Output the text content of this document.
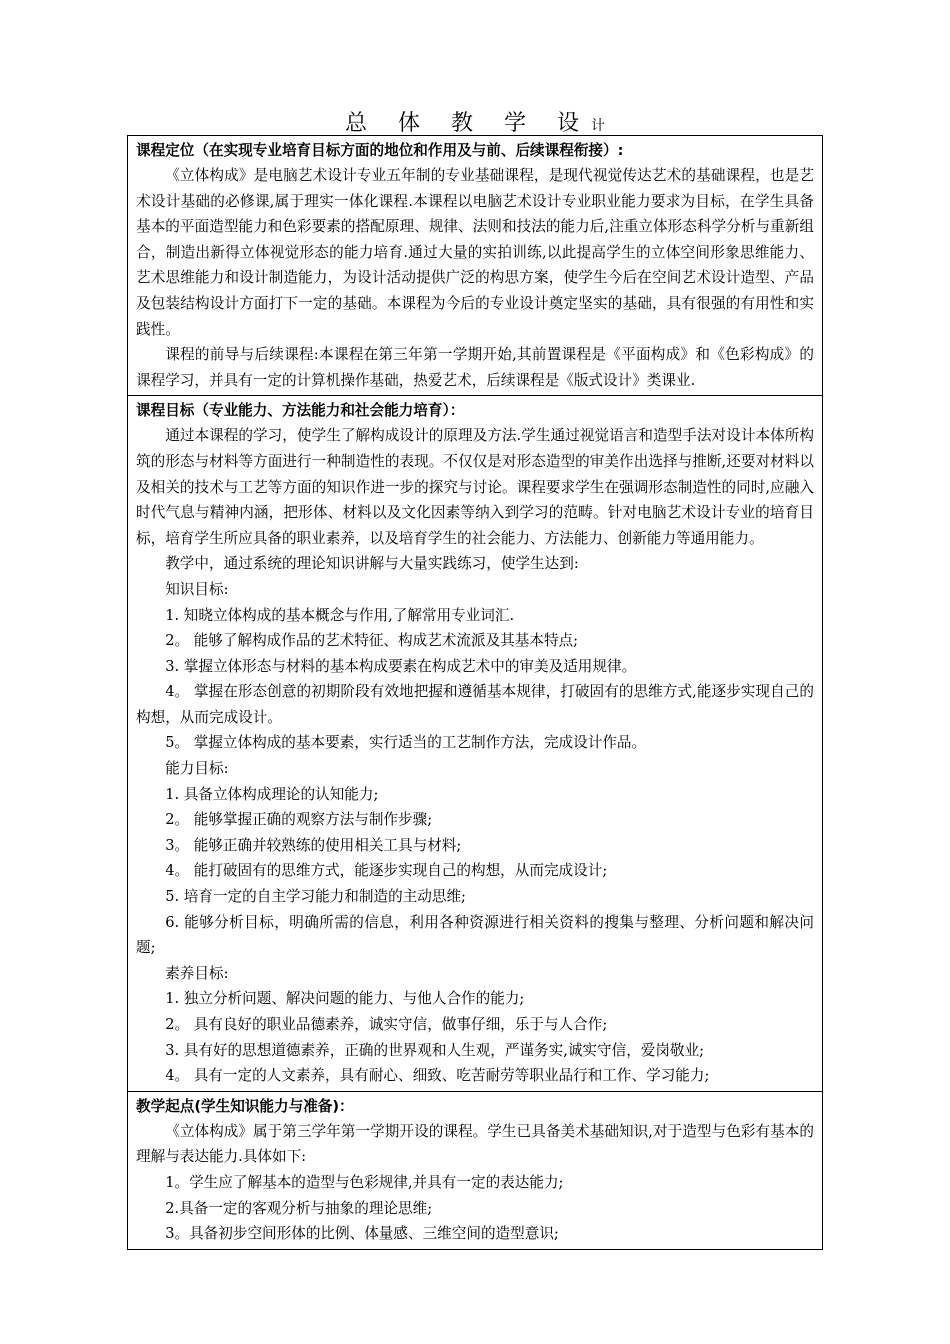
总 体 教 学 设计
课程定位（在实现专业培育目标方面的地位和作用及与前、后续课程衔接）:
《立体构成》是电脑艺术设计专业五年制的专业基础课程，是现代视觉传达艺术的基础课程，也是艺术设计基础的必修课,属于理实一体化课程.本课程以电脑艺术设计专业职业能力要求为目标，在学生具备基本的平面造型能力和色彩要素的搭配原理、规律、法则和技法的能力后,注重立体形态科学分析与重新组合，制造出新得立体视觉形态的能力培育.通过大量的实拍训练,以此提高学生的立体空间形象思维能力、艺术思维能力和设计制造能力，为设计活动提供广泛的构思方案，使学生今后在空间艺术设计造型、产品及包装结构设计方面打下一定的基础。本课程为今后的专业设计奠定坚实的基础，具有很强的有用性和实践性。
课程的前导与后续课程:本课程在第三年第一学期开始,其前置课程是《平面构成》和《色彩构成》的课程学习，并具有一定的计算机操作基础，热爱艺术，后续课程是《版式设计》类课业.

课程目标（专业能力、方法能力和社会能力培育）：
通过本课程的学习，使学生了解构成设计的原理及方法.学生通过视觉语言和造型手法对设计本体所构筑的形态与材料等方面进行一种制造性的表现。不仅仅是对形态造型的审美作出选择与推断,还要对材料以及相关的技术与工艺等方面的知识作进一步的探究与讨论。课程要求学生在强调形态制造性的同时,应融入时代气息与精神内涵，把形体、材料以及文化因素等纳入到学习的范畴。针对电脑艺术设计专业的培育目标，培育学生所应具备的职业素养，以及培育学生的社会能力、方法能力、创新能力等通用能力。
教学中，通过系统的理论知识讲解与大量实践练习，使学生达到:
知识目标:
1. 知晓立体构成的基本概念与作用,了解常用专业词汇.
2。 能够了解构成作品的艺术特征、构成艺术流派及其基本特点;
3. 掌握立体形态与材料的基本构成要素在构成艺术中的审美及适用规律。
4。 掌握在形态创意的初期阶段有效地把握和遵循基本规律，打破固有的思维方式,能逐步实现自己的构想，从而完成设计。
5。 掌握立体构成的基本要素，实行适当的工艺制作方法，完成设计作品。
能力目标:
1. 具备立体构成理论的认知能力;
2。 能够掌握正确的观察方法与制作步骤;
3。 能够正确并较熟练的使用相关工具与材料;
4。 能打破固有的思维方式，能逐步实现自己的构想，从而完成设计;
5. 培育一定的自主学习能力和制造的主动思维;
6. 能够分析目标，明确所需的信息，利用各种资源进行相关资料的搜集与整理、分析问题和解决问题;
素养目标:
1. 独立分析问题、解决问题的能力、与他人合作的能力;
2。 具有良好的职业品德素养，诚实守信，做事仔细，乐于与人合作;
3. 具有好的思想道德素养，正确的世界观和人生观，严谨务实,诚实守信，爱岗敬业;
4。 具有一定的人文素养，具有耐心、细致、吃苦耐劳等职业品行和工作、学习能力;

教学起点(学生知识能力与准备)：
《立体构成》属于第三学年第一学期开设的课程。学生已具备美术基础知识,对于造型与色彩有基本的理解与表达能力.具体如下:
1。学生应了解基本的造型与色彩规律,并具有一定的表达能力;
2.具备一定的客观分析与抽象的理论思维;
3。具备初步空间形体的比例、体量感、三维空间的造型意识;
